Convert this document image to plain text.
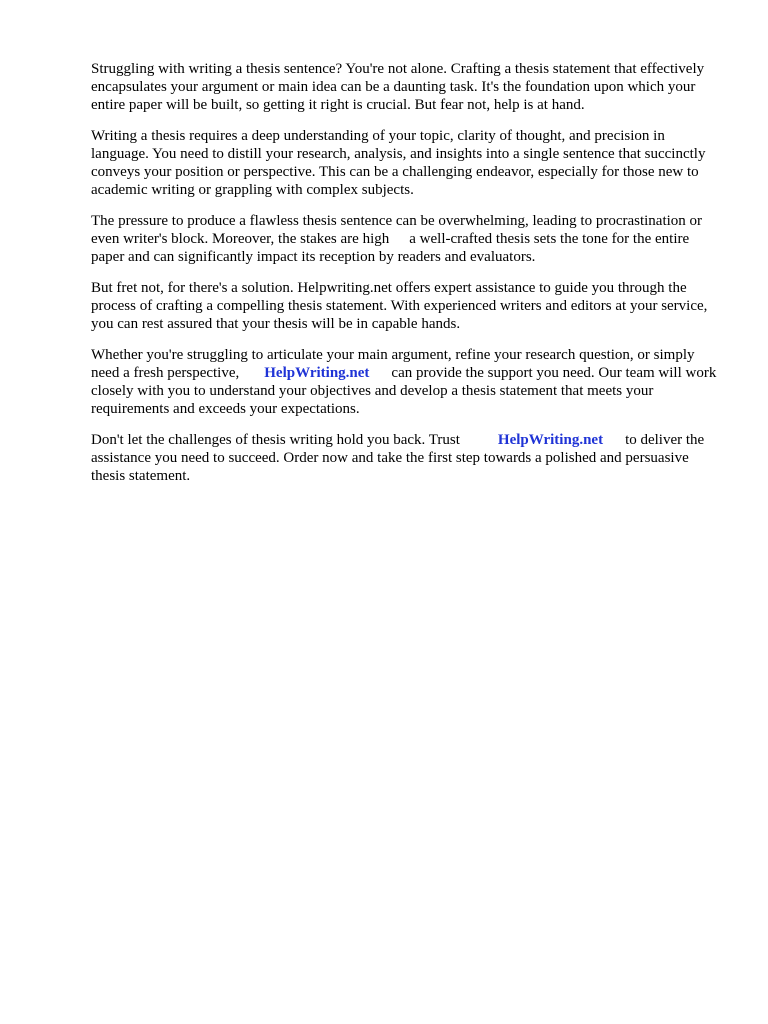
Struggling with writing a thesis sentence? You're not alone. Crafting a thesis statement that effectively encapsulates your argument or main idea can be a daunting task. It's the foundation upon which your entire paper will be built, so getting it right is crucial. But fear not, help is at hand.

Writing a thesis requires a deep understanding of your topic, clarity of thought, and precision in language. You need to distill your research, analysis, and insights into a single sentence that succinctly conveys your position or perspective. This can be a challenging endeavor, especially for those new to academic writing or grappling with complex subjects.

The pressure to produce a flawless thesis sentence can be overwhelming, leading to procrastination or even writer's block. Moreover, the stakes are high a well-crafted thesis sets the tone for the entire paper and can significantly impact its reception by readers and evaluators.

But fret not, for there's a solution. Helpwriting.net offers expert assistance to guide you through the process of crafting a compelling thesis statement. With experienced writers and editors at your service, you can rest assured that your thesis will be in capable hands.

Whether you're struggling to articulate your main argument, refine your research question, or simply need a fresh perspective, HelpWriting.net can provide the support you need. Our team will work closely with you to understand your objectives and develop a thesis statement that meets your requirements and exceeds your expectations.

Don't let the challenges of thesis writing hold you back. Trust	HelpWriting.net to deliver the assistance you need to succeed. Order now and take the first step towards a polished and persuasive thesis statement.
